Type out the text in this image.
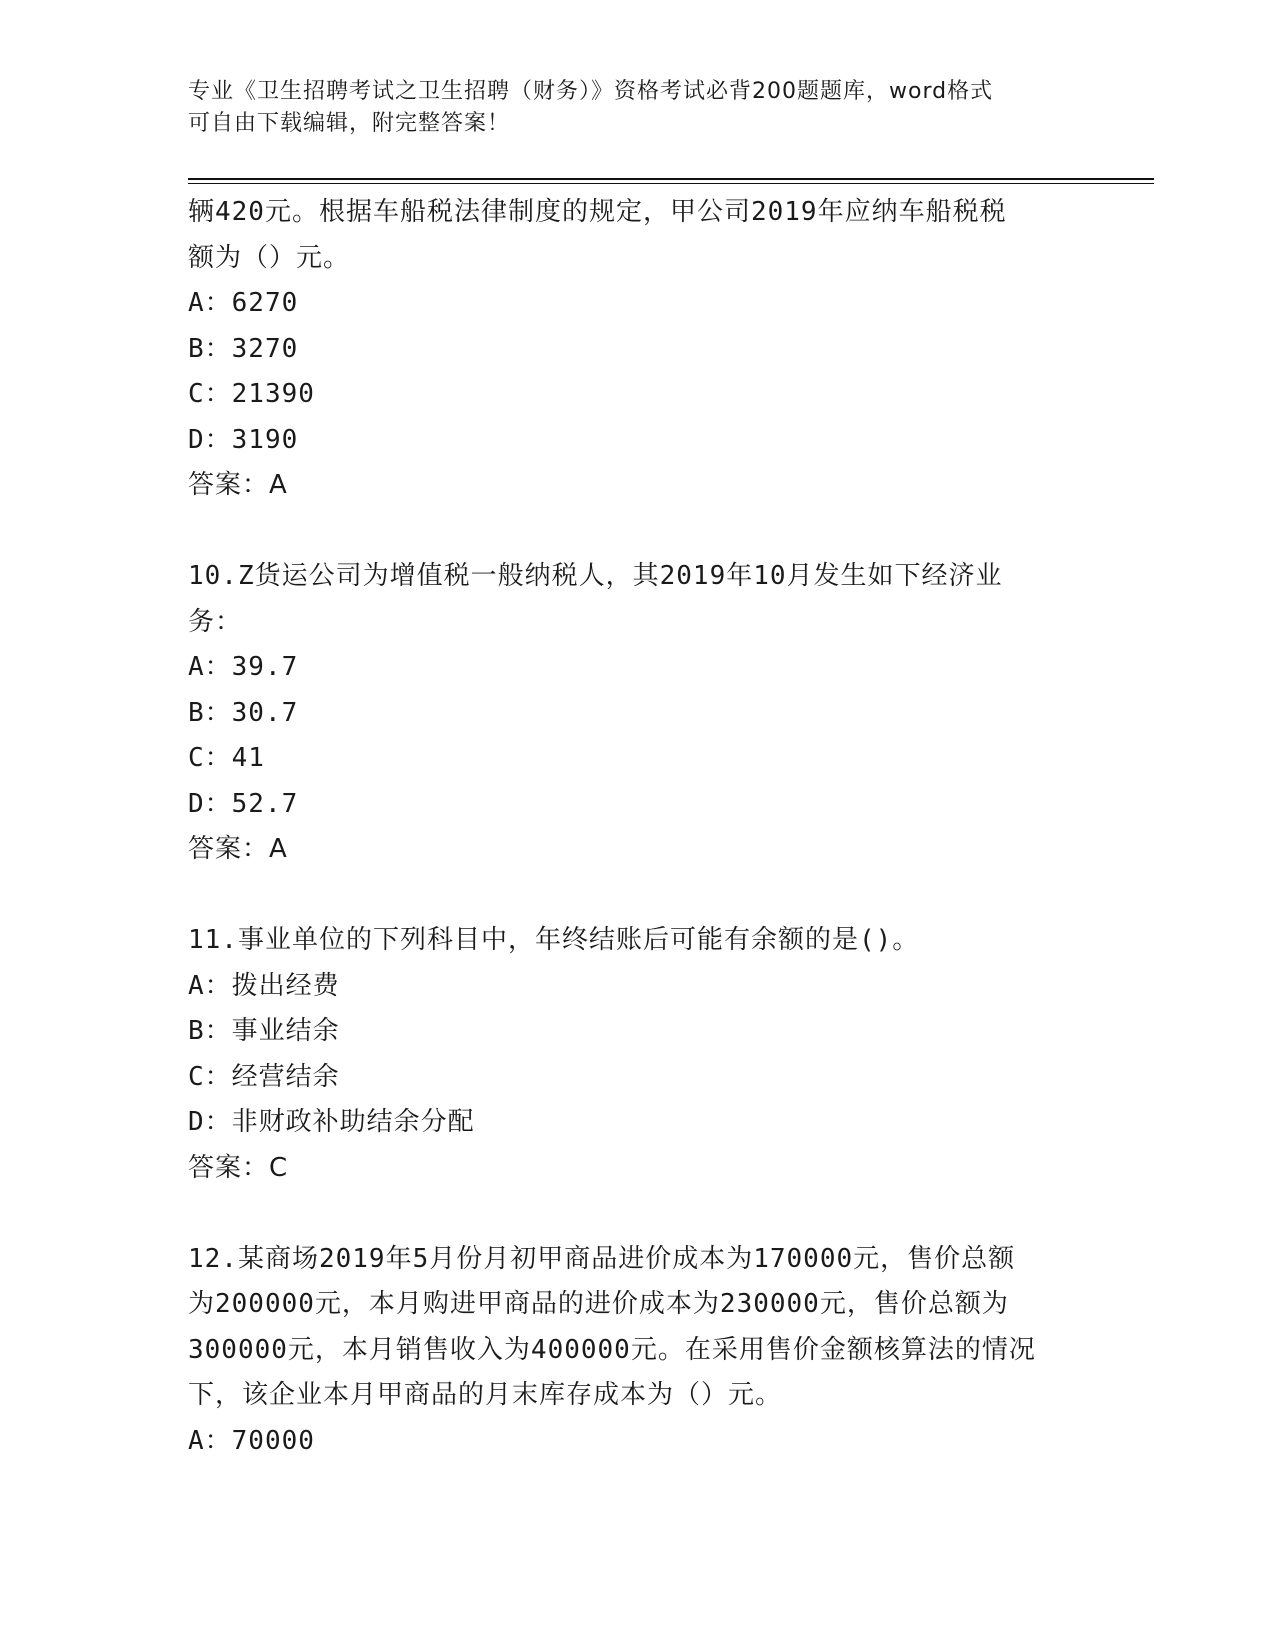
专业《卫生招聘考试之卫生招聘（财务）》资格考试必背200题题库，word格式
可自由下载编辑，附完整答案！
辆420元。根据车船税法律制度的规定，甲公司2019年应纳车船税税
额为（）元。
A：6270
B：3270
C：21390
D：3190
答案：A
10.Z货运公司为增值税一般纳税人，其2019年10月发生如下经济业
务：
A：39.7
B：30.7
C：41
D：52.7
答案：A
11.事业单位的下列科目中，年终结账后可能有余额的是()。
A：拨出经费
B：事业结余
C：经营结余
D：非财政补助结余分配
答案：C
12.某商场2019年5月份月初甲商品进价成本为170000元，售价总额
为200000元，本月购进甲商品的进价成本为230000元，售价总额为
300000元，本月销售收入为400000元。在采用售价金额核算法的情况
下，该企业本月甲商品的月末库存成本为（）元。
A：70000
